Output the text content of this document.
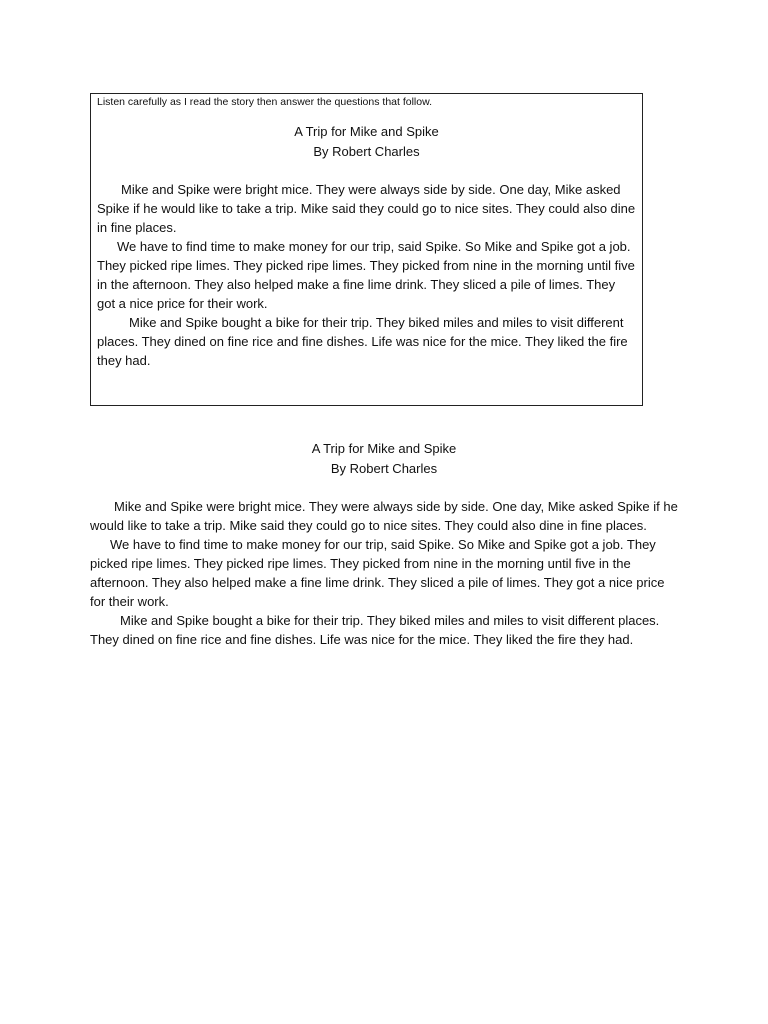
Listen carefully as I read the story then answer the questions that follow.

A Trip for Mike and Spike
By Robert Charles

Mike and Spike were bright mice. They were always side by side. One day, Mike asked Spike if he would like to take a trip. Mike said they could go to nice sites. They could also dine in fine places.

We have to find time to make money for our trip, said Spike. So Mike and Spike got a job. They picked ripe limes. They picked ripe limes. They picked from nine in the morning until five in the afternoon. They also helped make a fine lime drink. They sliced a pile of limes. They got a nice price for their work.

Mike and Spike bought a bike for their trip. They biked miles and miles to visit different places. They dined on fine rice and fine dishes. Life was nice for the mice. They liked the fire they had.

A Trip for Mike and Spike
By Robert Charles

Mike and Spike were bright mice. They were always side by side. One day, Mike asked Spike if he would like to take a trip. Mike said they could go to nice sites. They could also dine in fine places.

We have to find time to make money for our trip, said Spike. So Mike and Spike got a job. They picked ripe limes. They picked ripe limes. They picked from nine in the morning until five in the afternoon. They also helped make a fine lime drink. They sliced a pile of limes. They got a nice price for their work.

Mike and Spike bought a bike for their trip. They biked miles and miles to visit different places. They dined on fine rice and fine dishes. Life was nice for the mice. They liked the fire they had.
